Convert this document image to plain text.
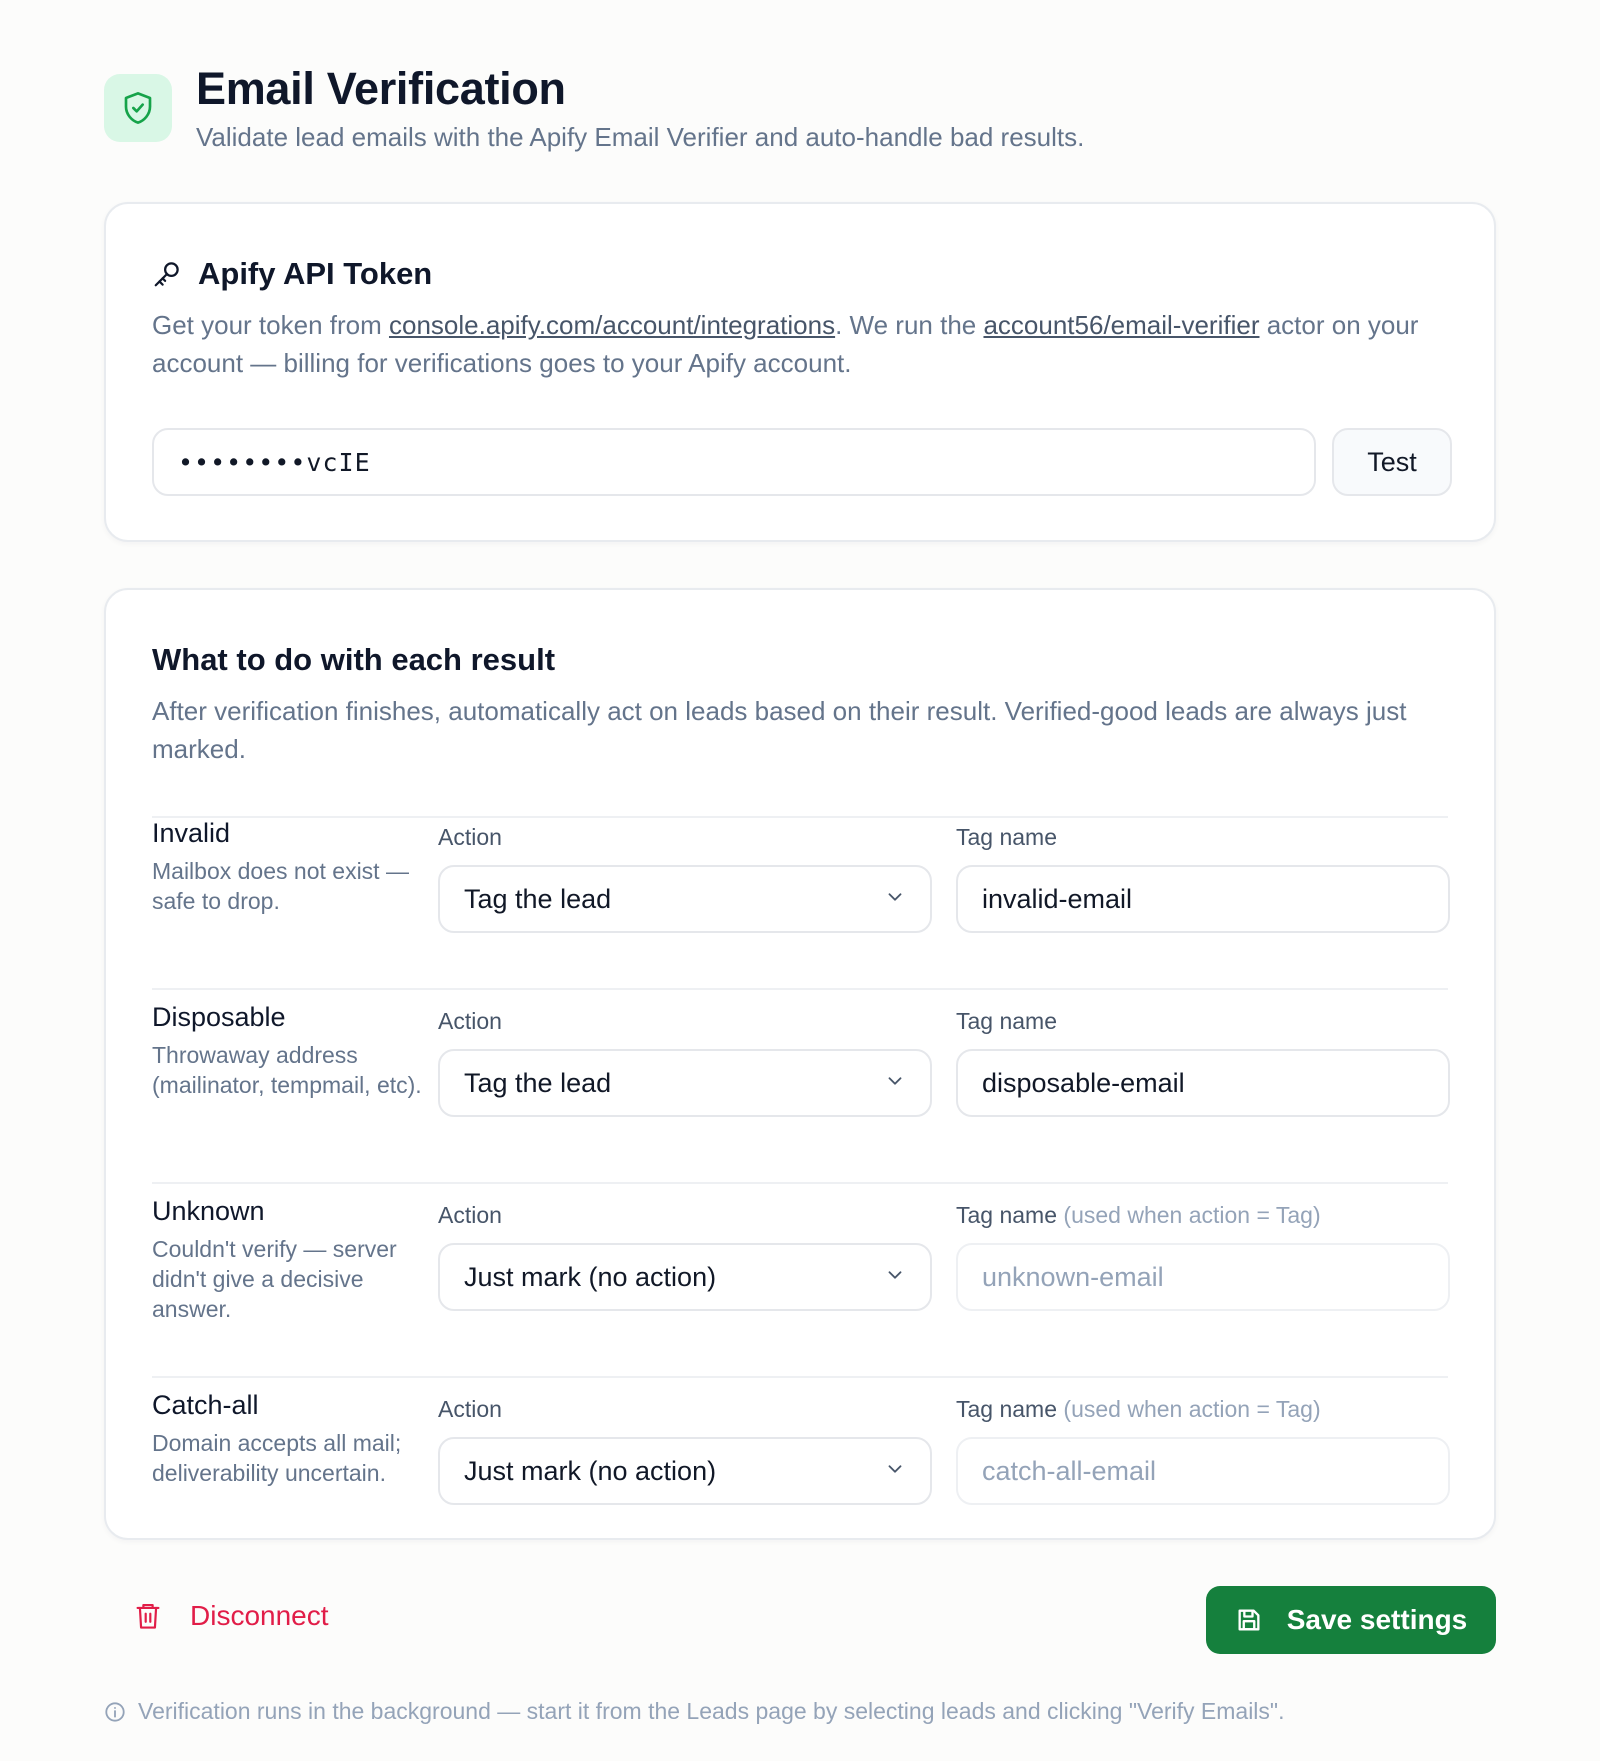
Email Verification

Validate lead emails with the Apify Email Verifier and auto-handle bad results.

Apify API Token

Get your token from console.apify.com/account/integrations. We run the account56/email-verifier actor on your account — billing for verifications goes to your Apify account.

••••••••vcIE	Test
What to do with each result

After verification finishes, automatically act on leads based on their result. Verified-good leads are always just marked.

Invalid
Mailbox does not exist — safe to drop.
Action
Tag the lead
Tag name
invalid-email
Disposable
Throwaway address (mailinator, tempmail, etc).
Action
Tag the lead
Tag name
disposable-email
Unknown
Couldn't verify — server didn't give a decisive answer.
Action
Just mark (no action)
Tag name (used when action = Tag)
unknown-email
Catch-all
Domain accepts all mail; deliverability uncertain.
Action
Just mark (no action)
Tag name (used when action = Tag)
catch-all-email
Disconnect	Save settings
Verification runs in the background — start it from the Leads page by selecting leads and clicking "Verify Emails".
